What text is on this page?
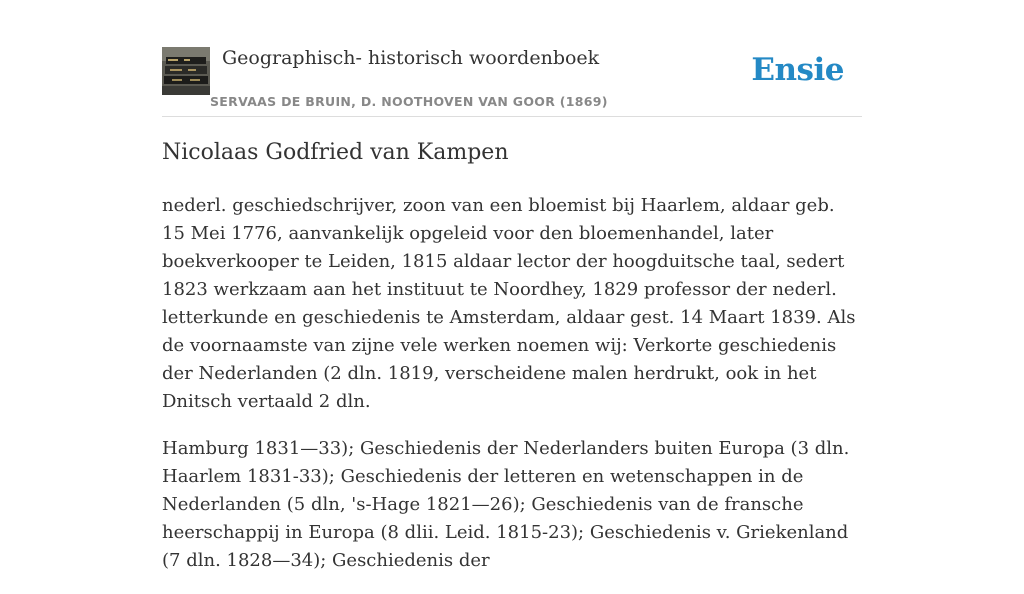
Geographisch- historisch woordenboek
SERVAAS DE BRUIN, D. NOOTHOVEN VAN GOOR (1869)
Ensie
Nicolaas Godfried van Kampen

nederl. geschiedschrijver, zoon van een bloemist bij Haarlem, aldaar geb. 15 Mei 1776, aanvankelijk opgeleid voor den bloemenhandel, later boekverkooper te Leiden, 1815 aldaar lector der hoogduitsche taal, sedert 1823 werkzaam aan het instituut te Noordhey, 1829 professor der nederl. letterkunde en geschiedenis te Amsterdam, aldaar gest. 14 Maart 1839. Als de voornaamste van zijne vele werken noemen wij: Verkorte geschiedenis der Nederlanden (2 dln. 1819, verscheidene malen herdrukt, ook in het Dnitsch vertaald 2 dln.

Hamburg 1831—33); Geschiedenis der Nederlanders buiten Europa (3 dln. Haarlem 1831-33); Geschiedenis der letteren en wetenschappen in de Nederlanden (5 dln, 's-Hage 1821—26); Geschiedenis van de fransche heerschappij in Europa (8 dlii. Leid. 1815-23); Geschiedenis v. Griekenland (7 dln. 1828—34); Geschiedenis der
